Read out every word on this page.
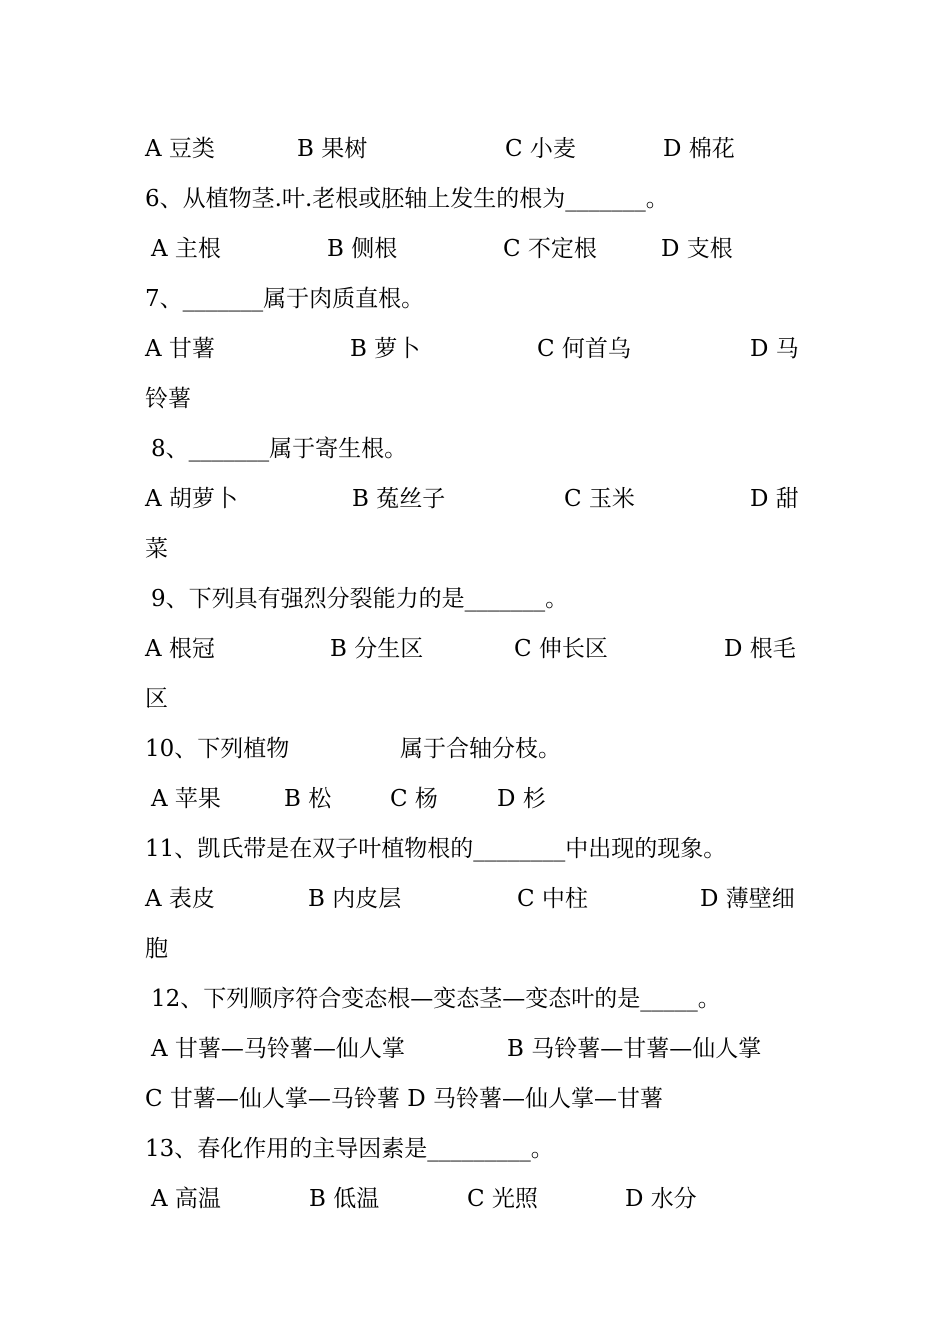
A 豆类	B 果树	C 小麦	D 棉花
6、从植物茎.叶.老根或胚轴上发生的根为_______。
A 主根	B 侧根	C 不定根	D 支根
7、_______属于肉质直根。
A 甘薯	B 萝卜	C 何首乌	D 马
铃薯
8、_______属于寄生根。
A 胡萝卜	B 菟丝子	C 玉米	D 甜
菜
9、下列具有强烈分裂能力的是_______。
A 根冠	B 分生区	C 伸长区	D 根毛
区
10、下列植物	属于合轴分枝。
A 苹果	B 松	C 杨	D 杉
11、凯氏带是在双子叶植物根的________中出现的现象。
A 表皮	B 内皮层	C 中柱	D 薄壁细
胞
12、下列顺序符合变态根—变态茎—变态叶的是_____。
A 甘薯—马铃薯—仙人掌	B 马铃薯—甘薯—仙人掌
C 甘薯—仙人掌—马铃薯 D 马铃薯—仙人掌—甘薯
13、春化作用的主导因素是_________。
A 高温	B 低温	C 光照	D 水分
